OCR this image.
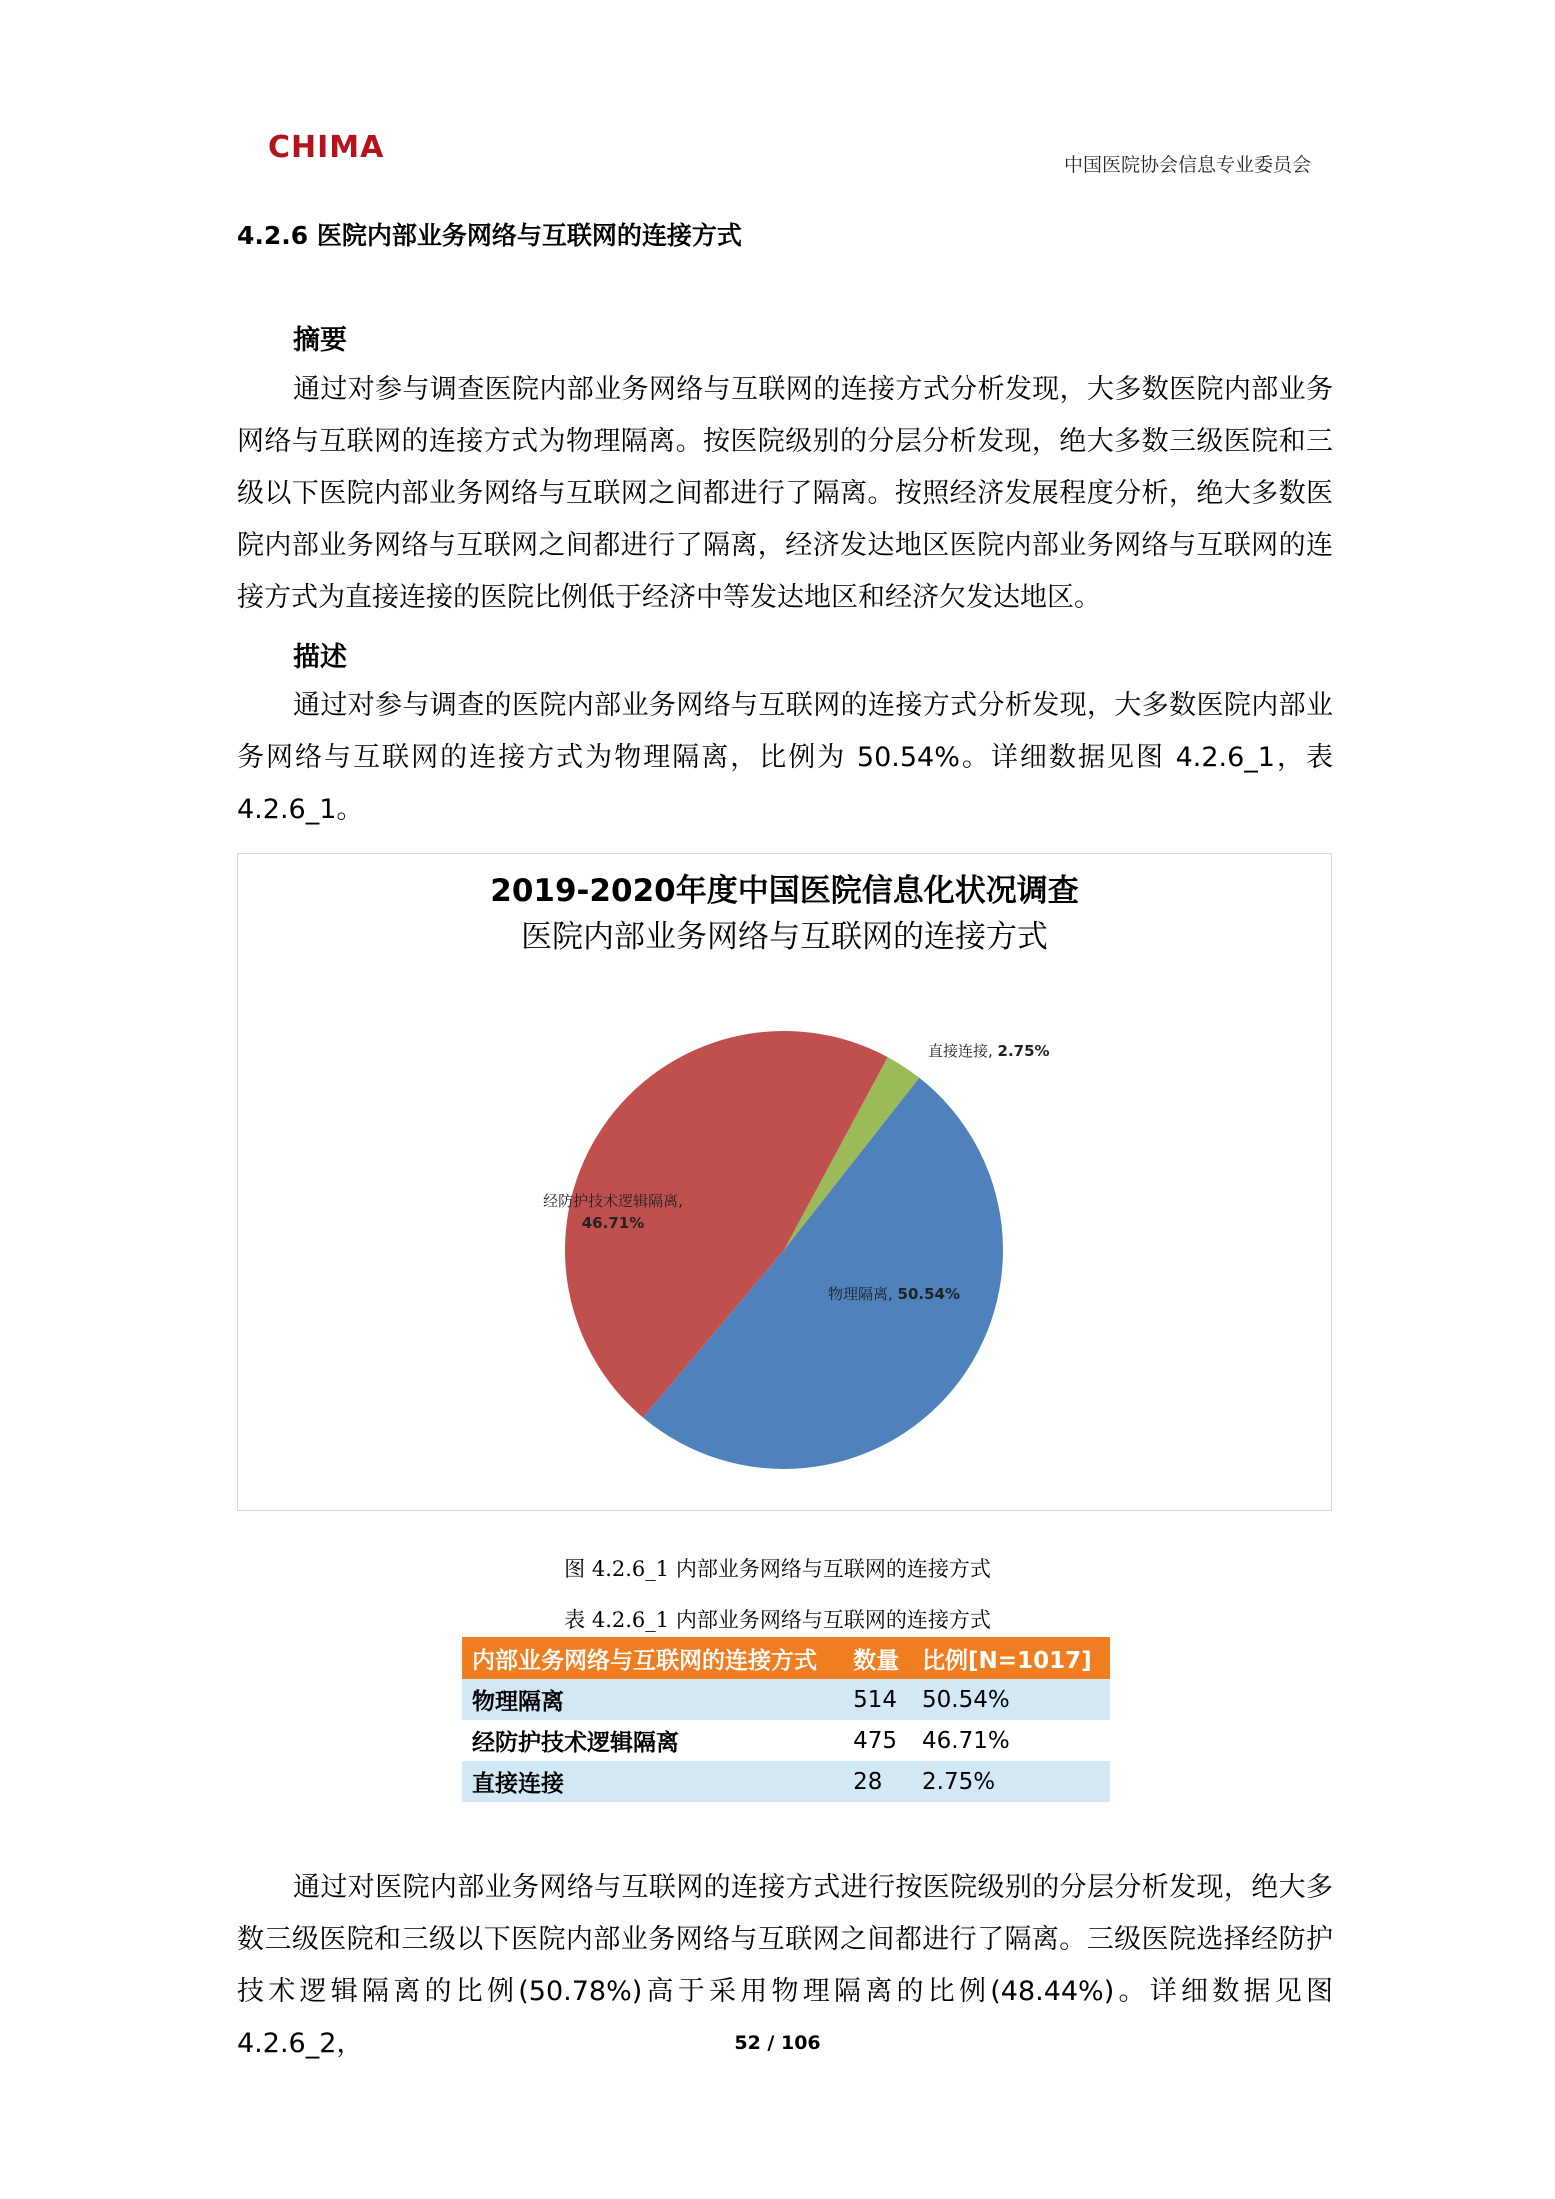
CHIMA	中国医院协会信息专业委员会
4.2.6 医院内部业务网络与互联网的连接方式
摘要

通过对参与调查医院内部业务网络与互联网的连接方式分析发现，大多数医院内部业务网络与互联网的连接方式为物理隔离。按医院级别的分层分析发现，绝大多数三级医院和三级以下医院内部业务网络与互联网之间都进行了隔离。按照经济发展程度分析，绝大多数医院内部业务网络与互联网之间都进行了隔离，经济发达地区医院内部业务网络与互联网的连接方式为直接连接的医院比例低于经济中等发达地区和经济欠发达地区。

描述

通过对参与调查的医院内部业务网络与互联网的连接方式分析发现，大多数医院内部业务网络与互联网的连接方式为物理隔离，比例为 50.54%。详细数据见图 4.2.6_1，表4.2.6_1。

2019-2020年度中国医院信息化状况调查
医院内部业务网络与互联网的连接方式
直接连接, 2.75%
物理隔离, 50.54%
经防护技术逻辑隔离, 46.71%
图 4.2.6_1 内部业务网络与互联网的连接方式
表 4.2.6_1 内部业务网络与互联网的连接方式
内部业务网络与互联网的连接方式	数量	比例[N=1017]
物理隔离	514	50.54%
经防护技术逻辑隔离	475	46.71%
直接连接	28	2.75%

通过对医院内部业务网络与互联网的连接方式进行按医院级别的分层分析发现，绝大多数三级医院和三级以下医院内部业务网络与互联网之间都进行了隔离。三级医院选择经防护技术逻辑隔离的比例(50.78%)高于采用物理隔离的比例(48.44%)。详细数据见图 4.2.6_2，	52 / 106
